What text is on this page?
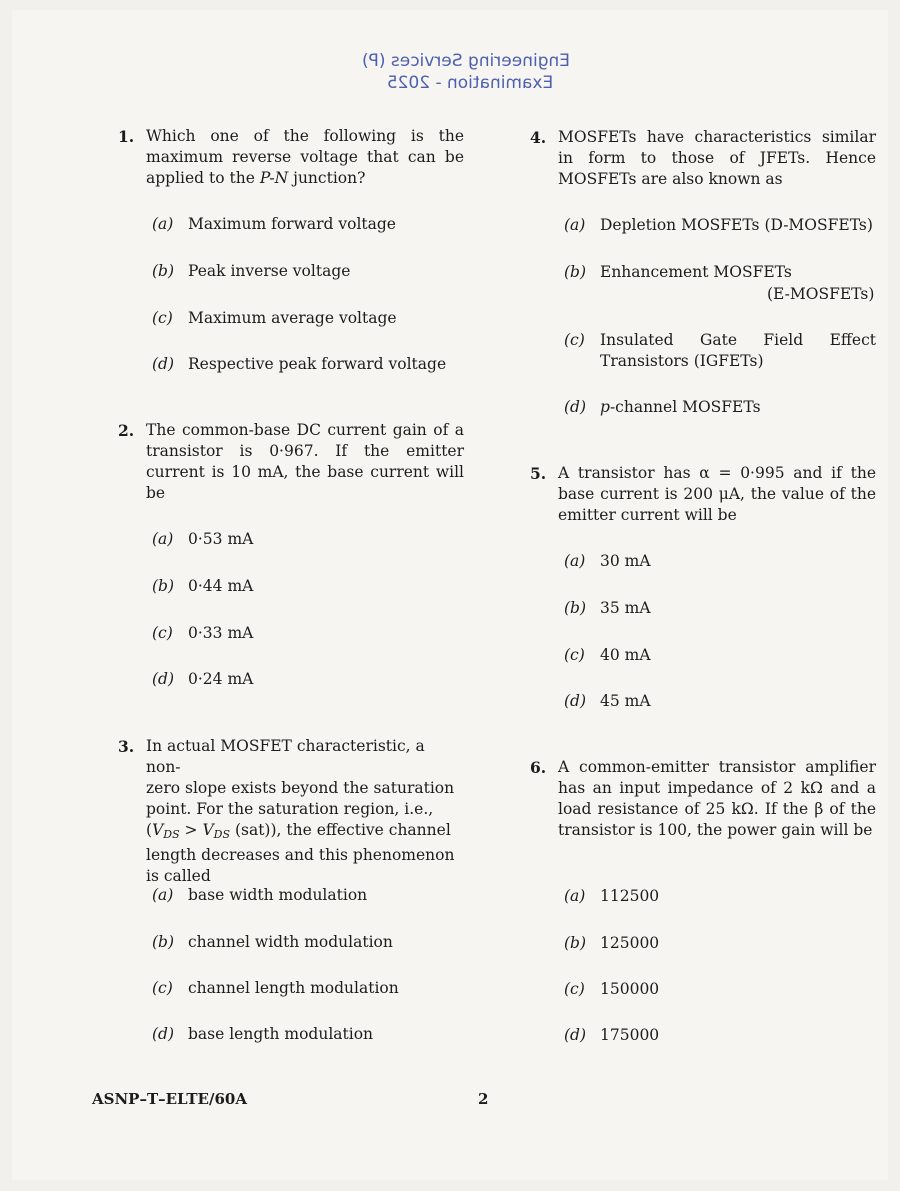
Engineering Services (P)
Examination - 2025
1. Which one of the following is the maximum reverse voltage that can be applied to the P-N junction?
(a) Maximum forward voltage
(b) Peak inverse voltage
(c) Maximum average voltage
(d) Respective peak forward voltage
2. The common-base DC current gain of a transistor is 0·967. If the emitter current is 10 mA, the base current will be
(a) 0·53 mA
(b) 0·44 mA
(c) 0·33 mA
(d) 0·24 mA
3. In actual MOSFET characteristic, a non-
zero slope exists beyond the saturation
point. For the saturation region, i.e.,
($V_{DS} > V_{DS}$ (sat)), the effective channel
length decreases and this phenomenon
is called
(a) base width modulation
(b) channel width modulation
(c) channel length modulation
(d) base length modulation
4. MOSFETs have characteristics similar in form to those of JFETs. Hence MOSFETs are also known as
(a) Depletion MOSFETs (D-MOSFETs)
(b) Enhancement MOSFETs
(E-MOSFETs)
(c) Insulated Gate Field Effect
Transistors (IGFETs)
(d) p-channel MOSFETs
5. A transistor has α = 0·995 and if the base current is 200 μA, the value of the emitter current will be
(a) 30 mA
(b) 35 mA
(c) 40 mA
(d) 45 mA
6. A common-emitter transistor amplifier has an input impedance of 2 kΩ and a load resistance of 25 kΩ. If the β of the transistor is 100, the power gain will be
(a) 112500
(b) 125000
(c) 150000
(d) 175000
ASNP–T–ELTE/60A	2
